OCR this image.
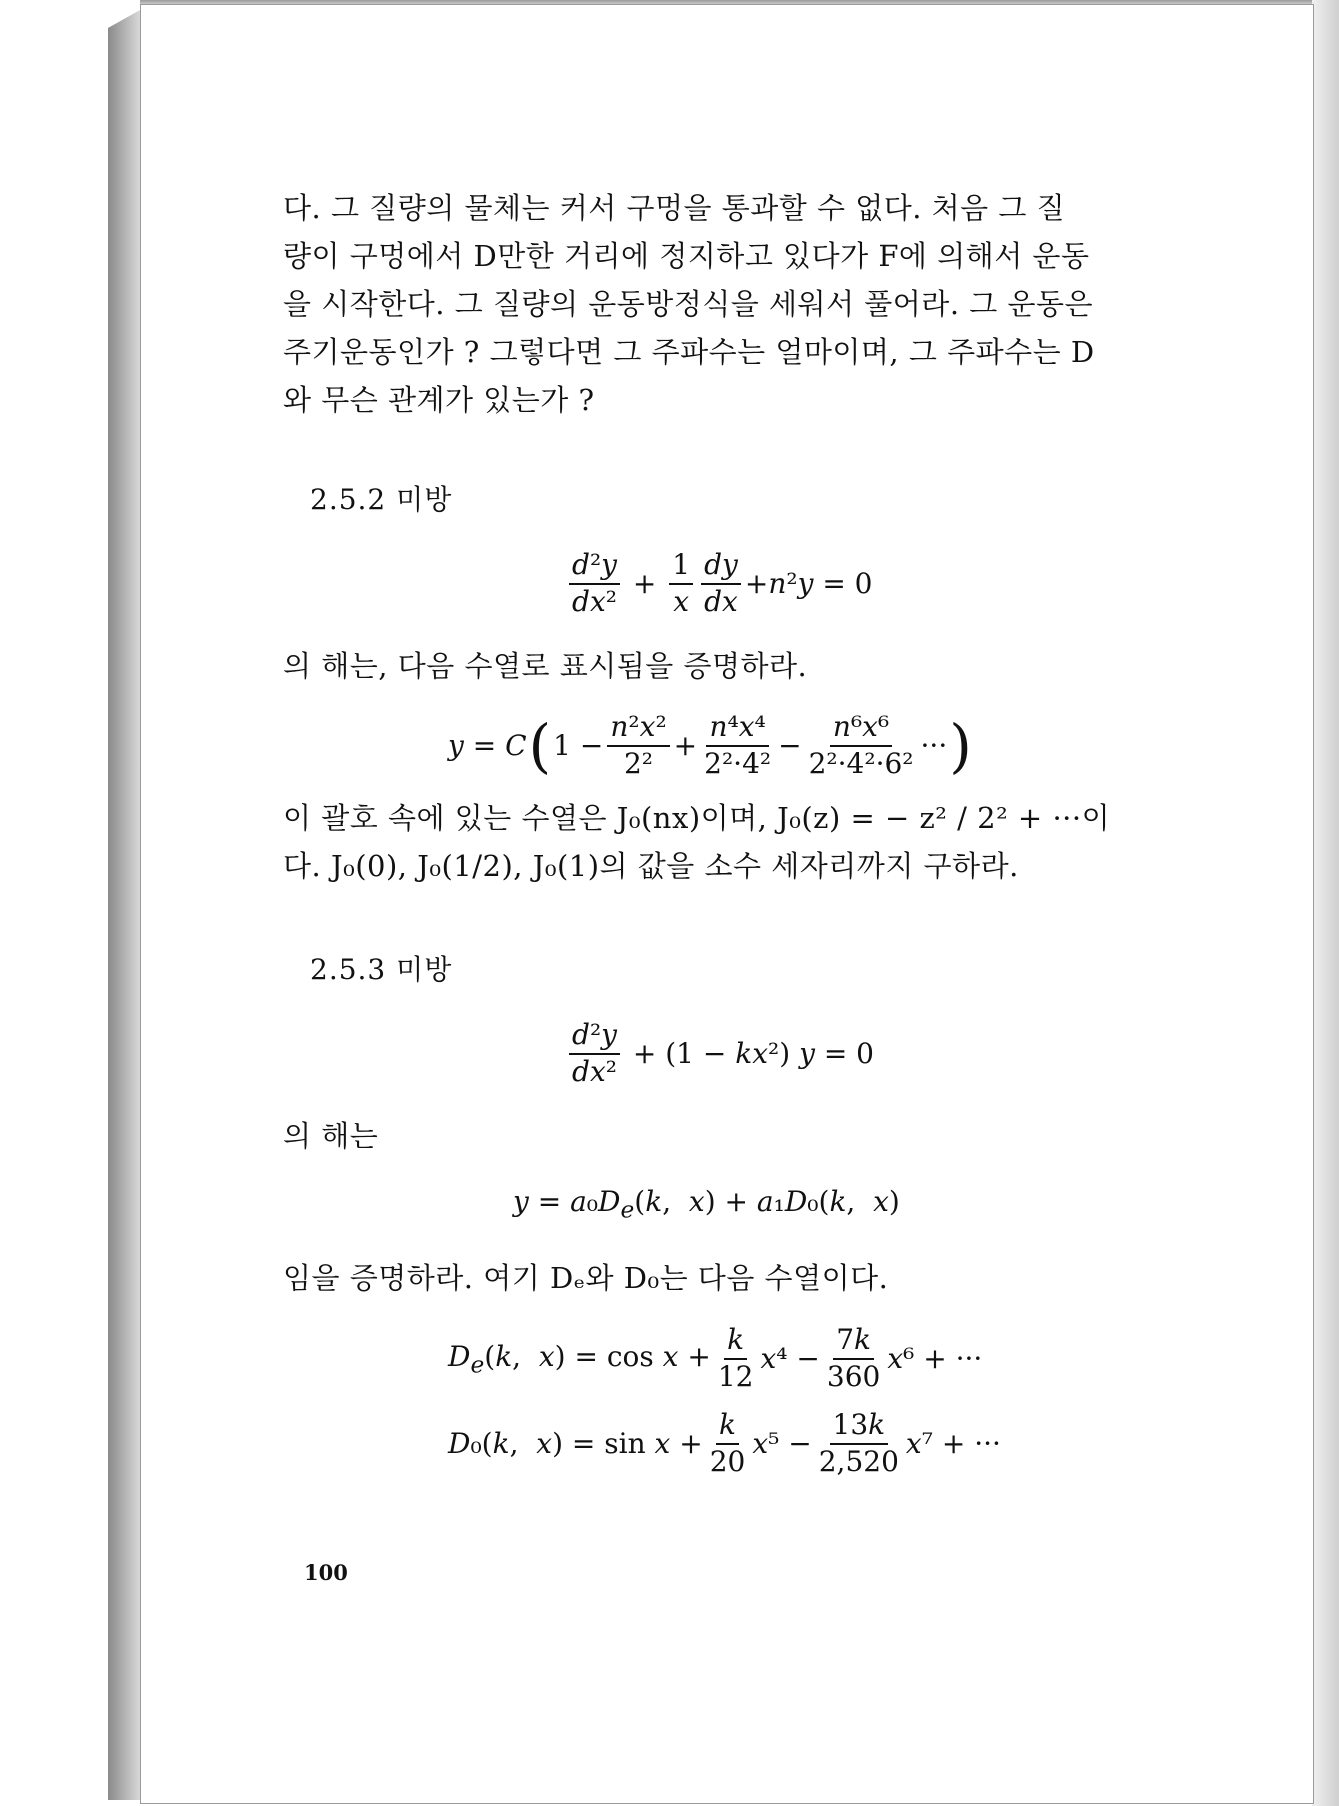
다. 그 질량의 물체는 커서 구멍을 통과할 수 없다. 처음 그 질

량이 구멍에서 D만한 거리에 정지하고 있다가 F에 의해서 운동

을 시작한다. 그 질량의 운동방정식을 세워서 풀어라. 그 운동은

주기운동인가 ? 그렇다면 그 주파수는 얼마이며, 그 주파수는 D

와 무슨 관계가 있는가 ?

2.5.2 미방
$\frac{\text{d²y}}{\text{dx²}} + \frac{1}{x} \frac{dy}{dx} +n^2y = 0$
의 해는, 다음 수열로 표시됨을 증명하라.
y = C ( $1 - \frac{\text{n²x²}}{\text{2²}} + \frac{\text{n⁴x⁴}}{\text{2²·4²}} - \frac{\text{n⁶x⁶}}{\text{2²·4²·6²}}$ ··· )
이 괄호 속에 있는 수열은 J₀(nx)이며, J₀(z) = − z² / 2² + ···이
다. J₀(0), J₀(1/2), J₀(1)의 값을 소수 세자리까지 구하라.
2.5.3 미방
$\frac{\text{d²y}}{\text{dx²}} + (1 - kx^2) y = 0$
의 해는
$y = a_0D_e(k$,  x) + a₁D₀(k,  x)
임을 증명하라. 여기 Dₑ와 D₀는 다음 수열이다.
$D_e(k$,  $x) = \cos x + \frac{k}{12} x^4 - \frac{7k}{360} x^6$ + ···
D₀(k,  $x) = \sin x + \frac{k}{20} x^5 - \frac{13k}{2,520} x^7$ + ···
100
